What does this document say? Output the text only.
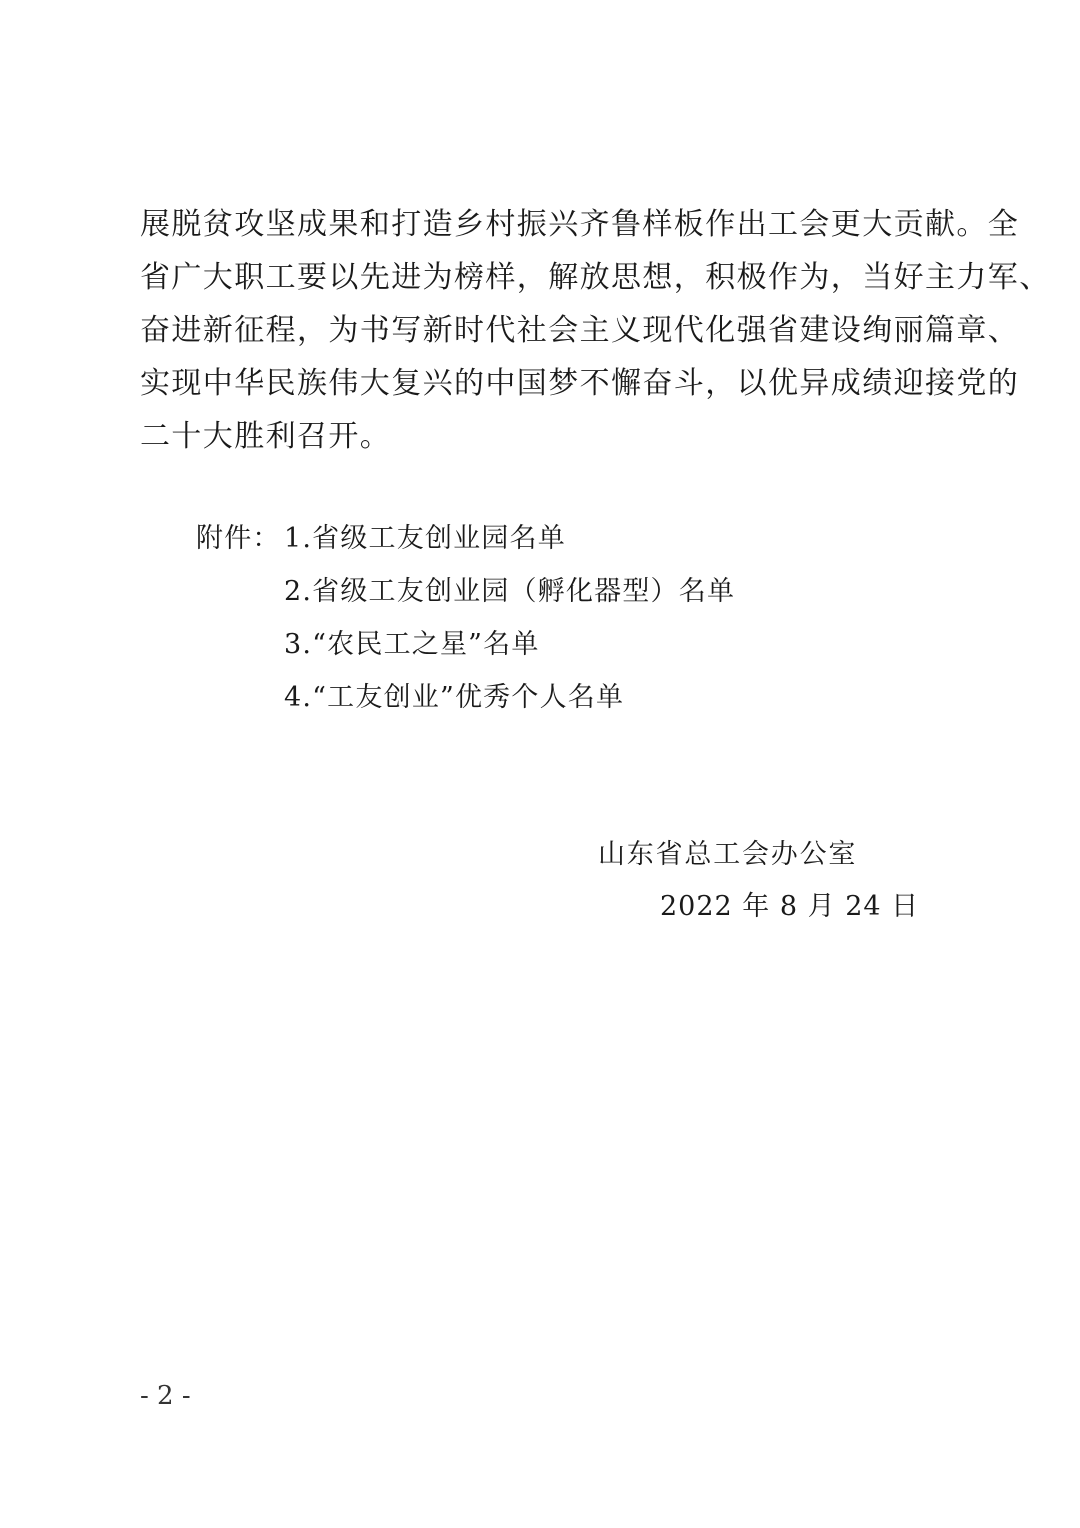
展脱贫攻坚成果和打造乡村振兴齐鲁样板作出工会更大贡献。全
省广大职工要以先进为榜样，解放思想，积极作为，当好主力军、
奋进新征程，为书写新时代社会主义现代化强省建设绚丽篇章、
实现中华民族伟大复兴的中国梦不懈奋斗，以优异成绩迎接党的
二十大胜利召开。
附件： 1.省级工友创业园名单
2.省级工友创业园（孵化器型）名单
3.“农民工之星”名单
4.“工友创业”优秀个人名单
山东省总工会办公室
2022 年 8 月 24 日
- 2 -
